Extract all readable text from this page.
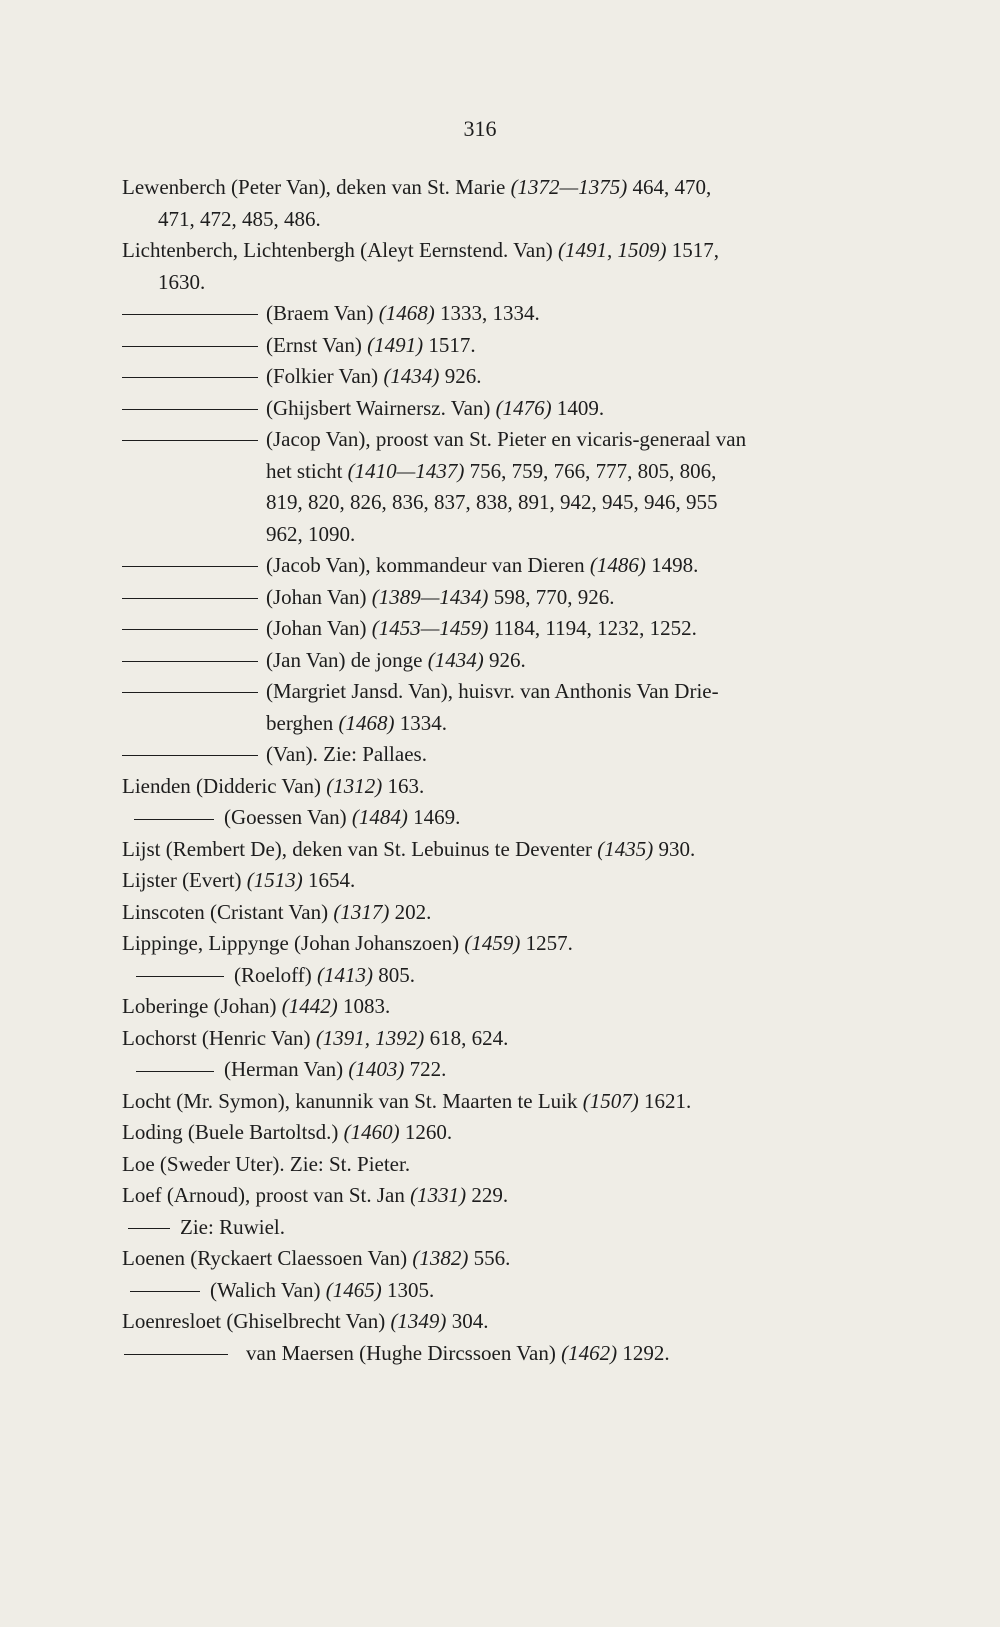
316
Lewenberch (Peter Van), deken van St. Marie (1372—1375) 464, 470,
471, 472, 485, 486.
Lichtenberch, Lichtenbergh (Aleyt Eernstend. Van) (1491, 1509) 1517,
1630.
(Braem Van) (1468) 1333, 1334.
(Ernst Van) (1491) 1517.
(Folkier Van) (1434) 926.
(Ghijsbert Wairnersz. Van) (1476) 1409.
(Jacop Van), proost van St. Pieter en vicaris-generaal van
het sticht (1410—1437) 756, 759, 766, 777, 805, 806,
819, 820, 826, 836, 837, 838, 891, 942, 945, 946, 955
962, 1090.
(Jacob Van), kommandeur van Dieren (1486) 1498.
(Johan Van) (1389—1434) 598, 770, 926.
(Johan Van) (1453—1459) 1184, 1194, 1232, 1252.
(Jan Van) de jonge (1434) 926.
(Margriet Jansd. Van), huisvr. van Anthonis Van Drie-
berghen (1468) 1334.
(Van). Zie: Pallaes.
Lienden (Didderic Van) (1312) 163.
(Goessen Van) (1484) 1469.
Lijst (Rembert De), deken van St. Lebuinus te Deventer (1435) 930.
Lijster (Evert) (1513) 1654.
Linscoten (Cristant Van) (1317) 202.
Lippinge, Lippynge (Johan Johanszoen) (1459) 1257.
(Roeloff) (1413) 805.
Loberinge (Johan) (1442) 1083.
Lochorst (Henric Van) (1391, 1392) 618, 624.
(Herman Van) (1403) 722.
Locht (Mr. Symon), kanunnik van St. Maarten te Luik (1507) 1621.
Loding (Buele Bartoltsd.) (1460) 1260.
Loe (Sweder Uter). Zie: St. Pieter.
Loef (Arnoud), proost van St. Jan (1331) 229.
Zie: Ruwiel.
Loenen (Ryckaert Claessoen Van) (1382) 556.
(Walich Van) (1465) 1305.
Loenresloet (Ghiselbrecht Van) (1349) 304.
van Maersen (Hughe Dircssoen Van) (1462) 1292.
